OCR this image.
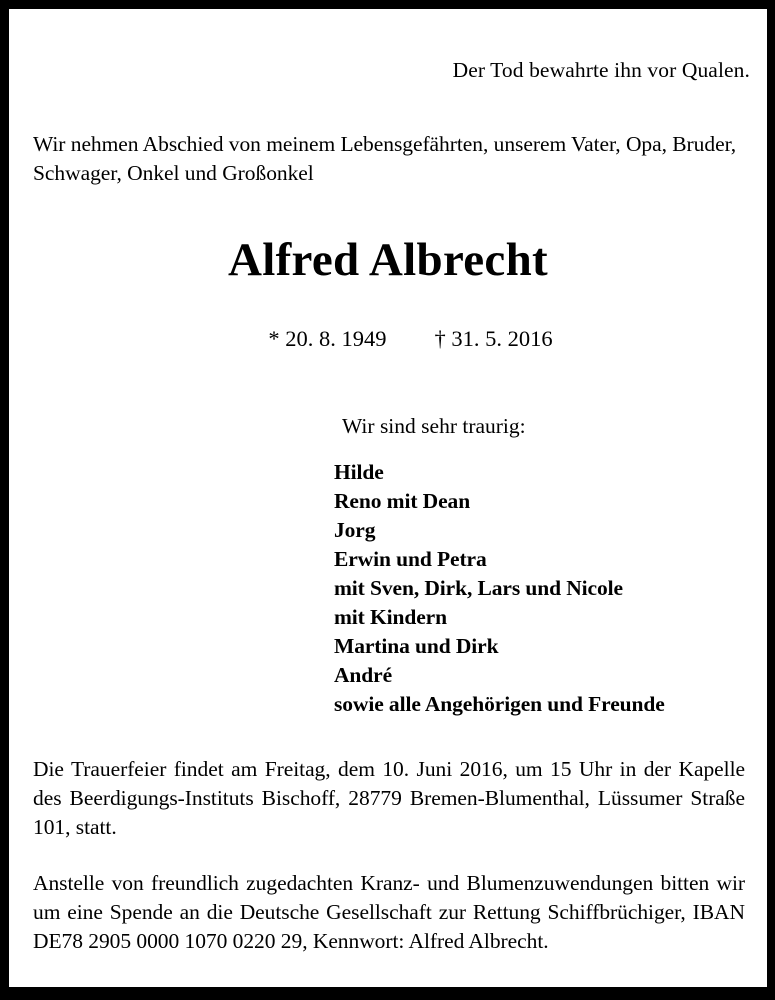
Der Tod bewahrte ihn vor Qualen.
Wir nehmen Abschied von meinem Lebensgefährten, unserem Vater, Opa, Bruder, Schwager, Onkel und Großonkel
Alfred Albrecht

* 20. 8. 1949 † 31. 5. 2016

Wir sind sehr traurig:
Hilde
Reno mit Dean
Jorg
Erwin und Petra
mit Sven, Dirk, Lars und Nicole
mit Kindern
Martina und Dirk
André
sowie alle Angehörigen und Freunde
Die Trauerfeier findet am Freitag, dem 10. Juni 2016, um 15 Uhr in der Kapelle des Beerdigungs-Instituts Bischoff, 28779 Bremen-Blumenthal, Lüssumer Straße 101, statt.
Anstelle von freundlich zugedachten Kranz- und Blumenzuwendungen bitten wir um eine Spende an die Deutsche Gesellschaft zur Rettung Schiffbrüchiger, IBAN DE78 2905 0000 1070 0220 29, Kennwort: Alfred Albrecht.
